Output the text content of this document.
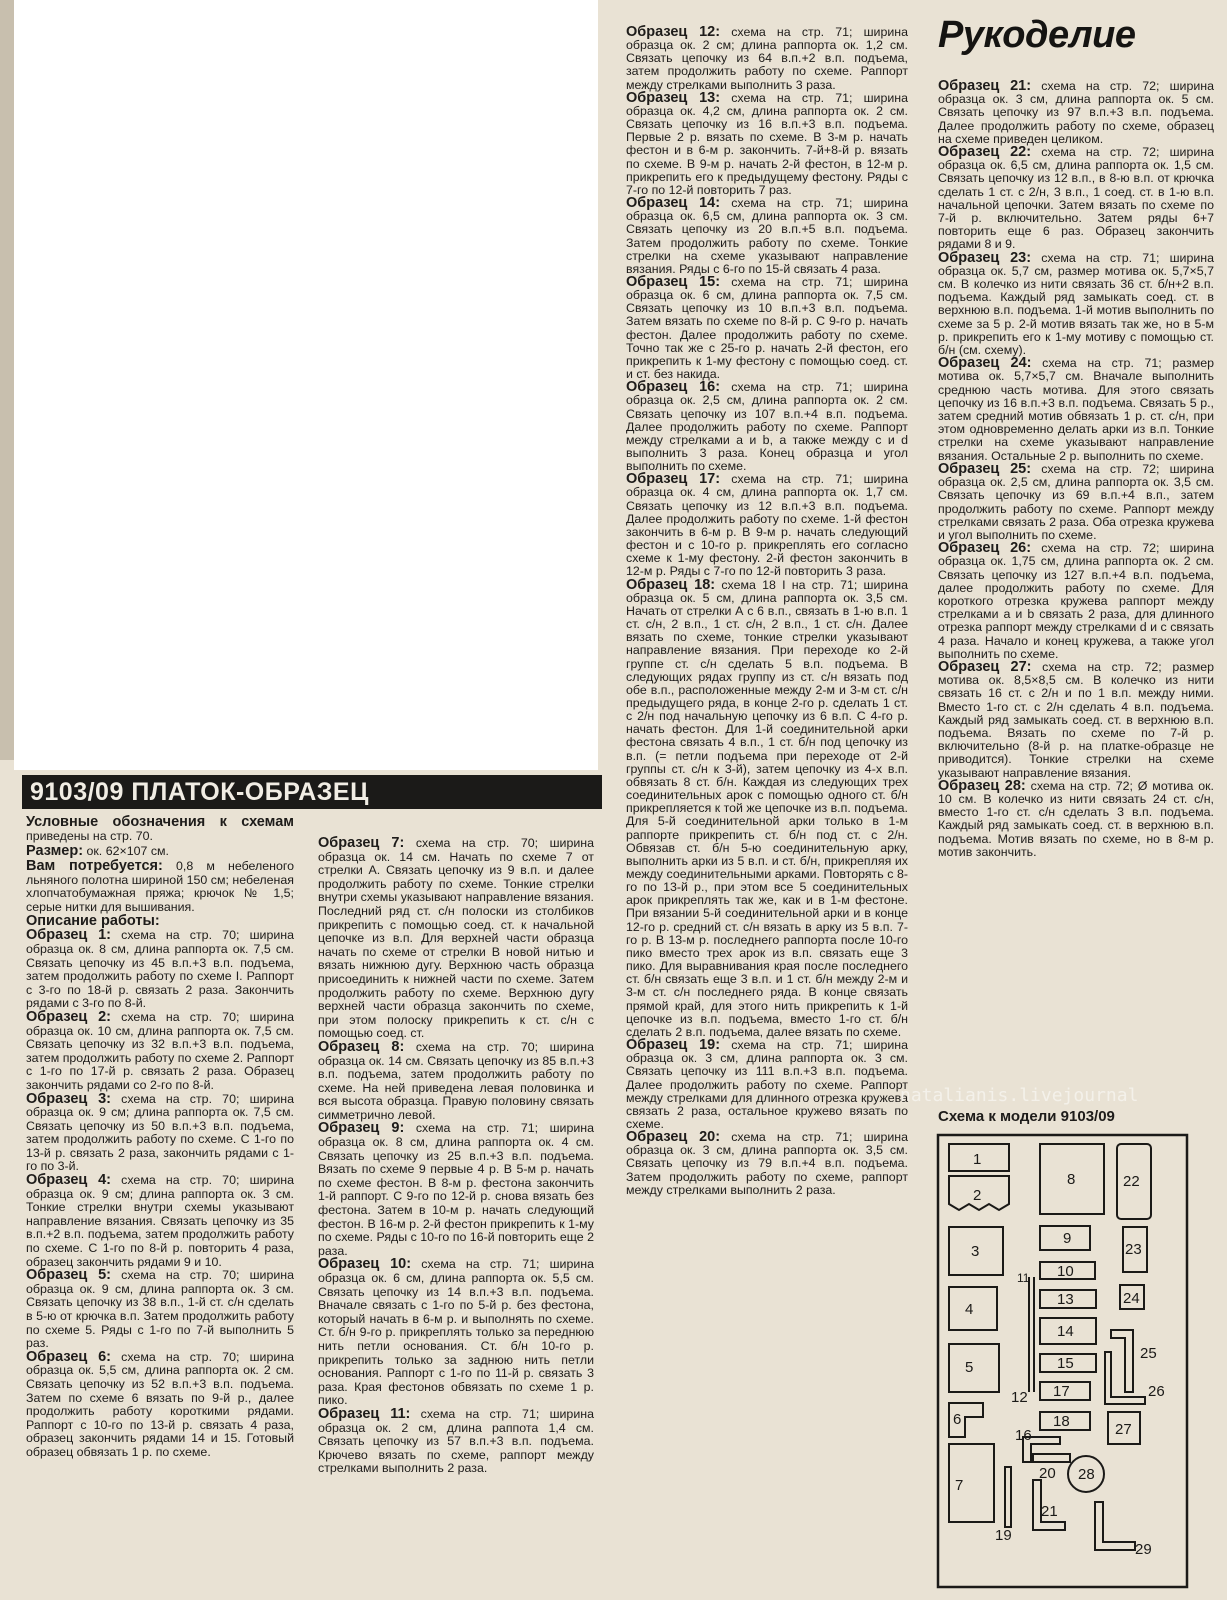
Рукоделие
9103/09 ПЛАТОК-ОБРАЗЕЦ

Условные обозначения к схемам приведены на стр. 70.

Размер: ок. 62×107 см.

Вам потребуется: 0,8 м небеленого льняного полотна шириной 150 см; небеленая хлопчатобумажная пряжа; крючок № 1,5; серые нитки для вышивания.

Описание работы:

Образец 1: схема на стр. 70; ширина образца ок. 8 см, длина раппорта ок. 7,5 см. Связать цепочку из 45 в.п.+3 в.п. подъема, затем продолжить работу по схеме I. Раппорт с 3-го по 18-й р. связать 2 раза. Закончить рядами с 3-го по 8-й.

Образец 2: схема на стр. 70; ширина образца ок. 10 см, длина раппорта ок. 7,5 см. Связать цепочку из 32 в.п.+3 в.п. подъема, затем продолжить работу по схеме 2. Раппорт с 1-го по 17-й р. связать 2 раза. Образец закончить рядами со 2-го по 8-й.

Образец 3: схема на стр. 70; ширина образца ок. 9 см; длина раппорта ок. 7,5 см. Связать цепочку из 50 в.п.+3 в.п. подъема, затем продолжить работу по схеме. С 1-го по 13-й р. связать 2 раза, закончить рядами с 1-го по 3-й.

Образец 4: схема на стр. 70; ширина образца ок. 9 см; длина раппорта ок. 3 см. Тонкие стрелки внутри схемы указывают направление вязания. Связать цепочку из 35 в.п.+2 в.п. подъема, затем продолжить работу по схеме. С 1-го по 8-й р. повторить 4 раза, образец закончить рядами 9 и 10.

Образец 5: схема на стр. 70; ширина образца ок. 9 см, длина раппорта ок. 3 см. Связать цепочку из 38 в.п., 1-й ст. с/н сделать в 5-ю от крючка в.п. Затем продолжить работу по схеме 5. Ряды с 1-го по 7-й выполнить 5 раз.

Образец 6: схема на стр. 70; ширина образца ок. 5,5 см, длина раппорта ок. 2 см. Связать цепочку из 52 в.п.+3 в.п. подъема. Затем по схеме 6 вязать по 9-й р., далее продолжить работу короткими рядами. Раппорт с 10-го по 13-й р. связать 4 раза, образец закончить рядами 14 и 15. Готовый образец обвязать 1 р. по схеме.

Образец 7: схема на стр. 70; ширина образца ок. 14 см. Начать по схеме 7 от стрелки А. Связать цепочку из 9 в.п. и далее продолжить работу по схеме. Тонкие стрелки внутри схемы указывают направление вязания. Последний ряд ст. с/н полоски из столбиков прикрепить с помощью соед. ст. к начальной цепочке из в.п. Для верхней части образца начать по схеме от стрелки В новой нитью и вязать нижнюю дугу. Верхнюю часть образца присоединить к нижней части по схеме. Затем продолжить работу по схеме. Верхнюю дугу верхней части образца закончить по схеме, при этом полоску прикрепить к ст. с/н с помощью соед. ст.

Образец 8: схема на стр. 70; ширина образца ок. 14 см. Связать цепочку из 85 в.п.+3 в.п. подъема, затем продолжить работу по схеме. На ней приведена левая половинка и вся высота образца. Правую половину связать симметрично левой.

Образец 9: схема на стр. 71; ширина образца ок. 8 см, длина раппорта ок. 4 см. Связать цепочку из 25 в.п.+3 в.п. подъема. Вязать по схеме 9 первые 4 р. В 5-м р. начать по схеме фестон. В 8-м р. фестона закончить 1-й раппорт. С 9-го по 12-й р. снова вязать без фестона. Затем в 10-м р. начать следующий фестон. В 16-м р. 2-й фестон прикрепить к 1-му по схеме. Ряды с 10-го по 16-й повторить еще 2 раза.

Образец 10: схема на стр. 71; ширина образца ок. 6 см, длина раппорта ок. 5,5 см. Связать цепочку из 14 в.п.+3 в.п. подъема. Вначале связать с 1-го по 5-й р. без фестона, который начать в 6-м р. и выполнять по схеме. Ст. б/н 9-го р. прикреплять только за переднюю нить петли основания. Ст. б/н 10-го р. прикрепить только за заднюю нить петли основания. Раппорт с 1-го по 11-й р. связать 3 раза. Края фестонов обвязать по схеме 1 р. пико.

Образец 11: схема на стр. 71; ширина образца ок. 2 см, длина раппота 1,4 см. Связать цепочку из 57 в.п.+3 в.п. подъема. Крючево вязать по схеме, раппорт между стрелками выполнить 2 раза.

Образец 12: схема на стр. 71; ширина образца ок. 2 см; длина раппорта ок. 1,2 см. Связать цепочку из 64 в.п.+2 в.п. подъема, затем продолжить работу по схеме. Раппорт между стрелками выполнить 3 раза.

Образец 13: схема на стр. 71; ширина образца ок. 4,2 см, длина раппорта ок. 2 см. Связать цепочку из 16 в.п.+3 в.п. подъема. Первые 2 р. вязать по схеме. В 3-м р. начать фестон и в 6-м р. закончить. 7-й+8-й р. вязать по схеме. В 9-м р. начать 2-й фестон, в 12-м р. прикрепить его к предыдущему фестону. Ряды с 7-го по 12-й повторить 7 раз.

Образец 14: схема на стр. 71; ширина образца ок. 6,5 см, длина раппорта ок. 3 см. Связать цепочку из 20 в.п.+5 в.п. подъема. Затем продолжить работу по схеме. Тонкие стрелки на схеме указывают направление вязания. Ряды с 6-го по 15-й связать 4 раза.

Образец 15: схема на стр. 71; ширина образца ок. 6 см, длина раппорта ок. 7,5 см. Связать цепочку из 10 в.п.+3 в.п. подъема. Затем вязать по схеме по 8-й р. С 9-го р. начать фестон. Далее продолжить работу по схеме. Точно так же с 25-го р. начать 2-й фестон, его прикрепить к 1-му фестону с помощью соед. ст. и ст. без накида.

Образец 16: схема на стр. 71; ширина образца ок. 2,5 см, длина раппорта ок. 2 см. Связать цепочку из 107 в.п.+4 в.п. подъема. Далее продолжить работу по схеме. Раппорт между стрелками a и b, а также между c и d выполнить 3 раза. Конец образца и угол выполнить по схеме.

Образец 17: схема на стр. 71; ширина образца ок. 4 см, длина раппорта ок. 1,7 см. Связать цепочку из 12 в.п.+3 в.п. подъема. Далее продолжить работу по схеме. 1-й фестон закончить в 6-м р. В 9-м р. начать следующий фестон и с 10-го р. прикреплять его согласно схеме к 1-му фестону. 2-й фестон закончить в 12-м р. Ряды с 7-го по 12-й повторить 3 раза.

Образец 18: схема 18 I на стр. 71; ширина образца ок. 5 см, длина раппорта ок. 3,5 см. Начать от стрелки А с 6 в.п., связать в 1-ю в.п. 1 ст. с/н, 2 в.п., 1 ст. с/н, 2 в.п., 1 ст. с/н. Далее вязать по схеме, тонкие стрелки указывают направление вязания. При переходе ко 2-й группе ст. с/н сделать 5 в.п. подъема. В следующих рядах группу из ст. с/н вязать под обе в.п., расположенные между 2-м и 3-м ст. с/н предыдущего ряда, в конце 2-го р. сделать 1 ст. с 2/н под начальную цепочку из 6 в.п. С 4-го р. начать фестон. Для 1-й соединительной арки фестона связать 4 в.п., 1 ст. б/н под цепочку из в.п. (= петли подъема при переходе от 2-й группы ст. с/н к 3-й), затем цепочку из 4-х в.п. обвязать 8 ст. б/н. Каждая из следующих трех соединительных арок с помощью одного ст. б/н прикрепляется к той же цепочке из в.п. подъема. Для 5-й соединительной арки только в 1-м раппорте прикрепить ст. б/н под ст. с 2/н. Обвязав ст. б/н 5-ю соединительную арку, выполнить арки из 5 в.п. и ст. б/н, прикрепляя их между соединительными арками. Повторять с 8-го по 13-й р., при этом все 5 соединительных арок прикреплять так же, как и в 1-м фестоне. При вязании 5-й соединительной арки и в конце 12-го р. средний ст. с/н вязать в арку из 5 в.п. 7-го р. В 13-м р. последнего раппорта после 10-го пико вместо трех арок из в.п. связать еще 3 пико. Для выравнивания края после последнего ст. б/н связать еще 3 в.п. и 1 ст. б/н между 2-м и 3-м ст. с/н последнего ряда. В конце связать прямой край, для этого нить прикрепить к 1-й цепочке из в.п. подъема, вместо 1-го ст. б/н сделать 2 в.п. подъема, далее вязать по схеме.

Образец 19: схема на стр. 71; ширина образца ок. 3 см, длина раппорта ок. 3 см. Связать цепочку из 111 в.п.+3 в.п. подъема. Далее продолжить работу по схеме. Раппорт между стрелками для длинного отрезка кружева связать 2 раза, остальное кружево вязать по схеме.

Образец 20: схема на стр. 71; ширина образца ок. 3 см, длина раппорта ок. 3,5 см. Связать цепочку из 79 в.п.+4 в.п. подъема. Затем продолжить работу по схеме, раппорт между стрелками выполнить 2 раза.

Образец 21: схема на стр. 72; ширина образца ок. 3 см, длина раппорта ок. 5 см. Связать цепочку из 97 в.п.+3 в.п. подъема. Далее продолжить работу по схеме, образец на схеме приведен целиком.

Образец 22: схема на стр. 72; ширина образца ок. 6,5 см, длина раппорта ок. 1,5 см. Связать цепочку из 12 в.п., в 8-ю в.п. от крючка сделать 1 ст. с 2/н, 3 в.п., 1 соед. ст. в 1-ю в.п. начальной цепочки. Затем вязать по схеме по 7-й р. включительно. Затем ряды 6+7 повторить еще 6 раз. Образец закончить рядами 8 и 9.

Образец 23: схема на стр. 71; ширина образца ок. 5,7 см, размер мотива ок. 5,7×5,7 см. В колечко из нити связать 36 ст. б/н+2 в.п. подъема. Каждый ряд замыкать соед. ст. в верхнюю в.п. подъема. 1-й мотив выполнить по схеме за 5 р. 2-й мотив вязать так же, но в 5-м р. прикрепить его к 1-му мотиву с помощью ст. б/н (см. схему).

Образец 24: схема на стр. 71; размер мотива ок. 5,7×5,7 см. Вначале выполнить среднюю часть мотива. Для этого связать цепочку из 16 в.п.+3 в.п. подъема. Связать 5 р., затем средний мотив обвязать 1 р. ст. с/н, при этом одновременно делать арки из в.п. Тонкие стрелки на схеме указывают направление вязания. Остальные 2 р. выполнить по схеме.

Образец 25: схема на стр. 72; ширина образца ок. 2,5 см, длина раппорта ок. 3,5 см. Связать цепочку из 69 в.п.+4 в.п., затем продолжить работу по схеме. Раппорт между стрелками связать 2 раза. Оба отрезка кружева и угол выполнить по схеме.

Образец 26: схема на стр. 72; ширина образца ок. 1,75 см, длина раппорта ок. 2 см. Связать цепочку из 127 в.п.+4 в.п. подъема, далее продолжить работу по схеме. Для короткого отрезка кружева раппорт между стрелками a и b связать 2 раза, для длинного отрезка раппорт между стрелками d и c связать 4 раза. Начало и конец кружева, а также угол выполнить по схеме.

Образец 27: схема на стр. 72; размер мотива ок. 8,5×8,5 см. В колечко из нити связать 16 ст. с 2/н и по 1 в.п. между ними. Вместо 1-го ст. с 2/н сделать 4 в.п. подъема. Каждый ряд замыкать соед. ст. в верхнюю в.п. подъема. Вязать по схеме по 7-й р. включительно (8-й р. на платке-образце не приводится). Тонкие стрелки на схеме указывают направление вязания.

Образец 28: схема на стр. 72; Ø мотива ок. 10 см. В колечко из нити связать 24 ст. с/н, вместо 1-го ст. с/н сделать 3 в.п. подъема. Каждый ряд замыкать соед. ст. в верхнюю в.п. подъема. Мотив вязать по схеме, но в 8-м р. мотив закончить.

natalianis.livejournal
Схема к модели 9103/09
1
2
3
4
5
6
7
8
9
10
11
12
13
14
15
16
17
18
19
20
21
22
23
24
25
26
27
28
29
